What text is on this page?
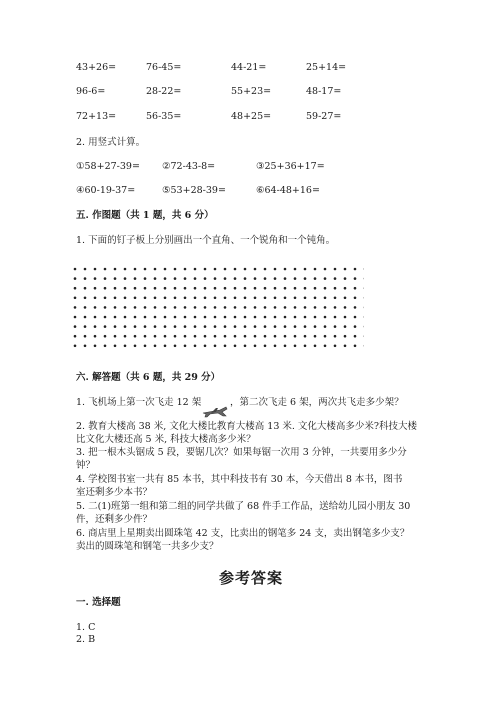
43+26=	76-45=	44-21=	25+14=
96-6=	28-22=	55+23=	48-17=
72+13=	56-35=	48+25=	59-27=
2. 用竖式计算。
①58+27-39= ②72-43-8=	③25+36+17=
④60-19-37=	⑤53+28-39=	⑥64-48+16=
五. 作图题（共 1 题，共 6 分）
1. 下面的钉子板上分别画出一个直角、一个锐角和一个钝角。
六. 解答题（共 6 题，共 29 分）
1. 飞机场上第一次飞走 12 架	，第二次飞走 6 架，两次共飞走多少架？
2. 教育大楼高 38 米, 文化大楼比教育大楼高 13 米. 文化大楼高多少米?科技大楼
比文化大楼还高 5 米, 科技大楼高多少米？
3. 把一根木头锯成 5 段，要锯几次？如果每锯一次用 3 分钟，一共要用多少分
钟？
4. 学校图书室一共有 85 本书，其中科技书有 30 本，今天借出 8 本书，图书
室还剩多少本书？
5. 二(1)班第一组和第二组的同学共做了 68 件手工作品，送给幼儿园小朋友 30
件，还剩多少件？
6. 商店里上星期卖出圆珠笔 42 支，比卖出的钢笔多 24 支，卖出钢笔多少支？
卖出的圆珠笔和钢笔一共多少支？
参考答案
一. 选择题
1. C
2. B
